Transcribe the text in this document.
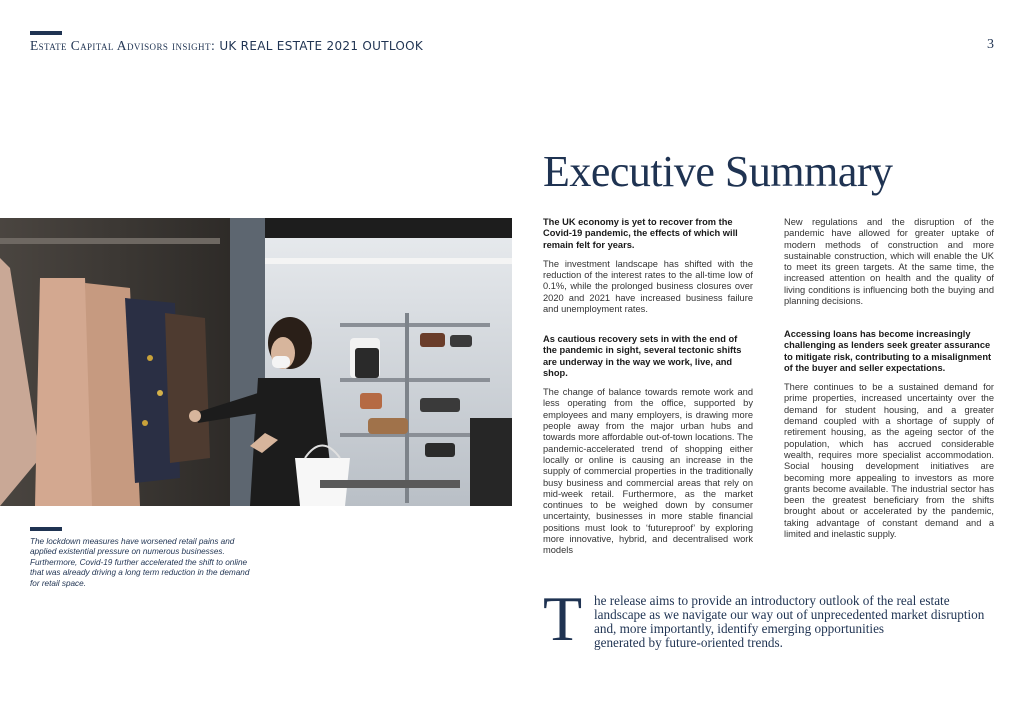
Estate Capital Advisors insight: UK REAL ESTATE 2021 OUTLOOK	3
Executive Summary
The lockdown measures have worsened retail pains and applied existential pressure on numerous businesses. Furthermore, Covid-19 further accelerated the shift to online that was already driving a long term reduction in the demand for retail space.

The UK economy is yet to recover from the Covid-19 pandemic, the effects of which will remain felt for years.

The investment landscape has shifted with the reduction of the interest rates to the all-time low of 0.1%, while the prolonged business closures over 2020 and 2021 have increased business failure and unemployment rates.

As cautious recovery sets in with the end of the pandemic in sight, several tectonic shifts are underway in the way we work, live, and shop.

The change of balance towards remote work and less operating from the office, supported by employees and many employers, is drawing more people away from the major urban hubs and towards more affordable out-of-town locations. The pandemic-accelerated trend of shopping either locally or online is causing an increase in the supply of commercial properties in the traditionally busy business and commercial areas that rely on mid-week retail. Furthermore, as the market continues to be weighed down by consumer uncertainty, businesses in more stable financial positions must look to ‘futureproof’ by exploring more innovative, hybrid, and decentralised work models

New regulations and the disruption of the pandemic have allowed for greater uptake of modern methods of construction and more sustainable construction, which will enable the UK to meet its green targets. At the same time, the increased attention on health and the quality of living conditions is influencing both the buying and planning decisions.

Accessing loans has become increasingly challenging as lenders seek greater assurance to mitigate risk, contributing to a misalignment of the buyer and seller expectations.

There continues to be a sustained demand for prime properties, increased uncertainty over the demand for student housing, and a greater demand coupled with a shortage of supply of retirement housing, as the ageing sector of the population, which has accrued considerable wealth, requires more specialist accommodation. Social housing development initiatives are becoming more appealing to investors as more grants become available. The industrial sector has been the greatest beneficiary from the shifts brought about or accelerated by the pandemic, taking advantage of constant demand and a limited and inelastic supply.

T he release aims to provide an introductory outlook of the real estate
landscape as we navigate our way out of unprecedented market disruption
and, more importantly, identify emerging opportunities
generated by future-oriented trends.
